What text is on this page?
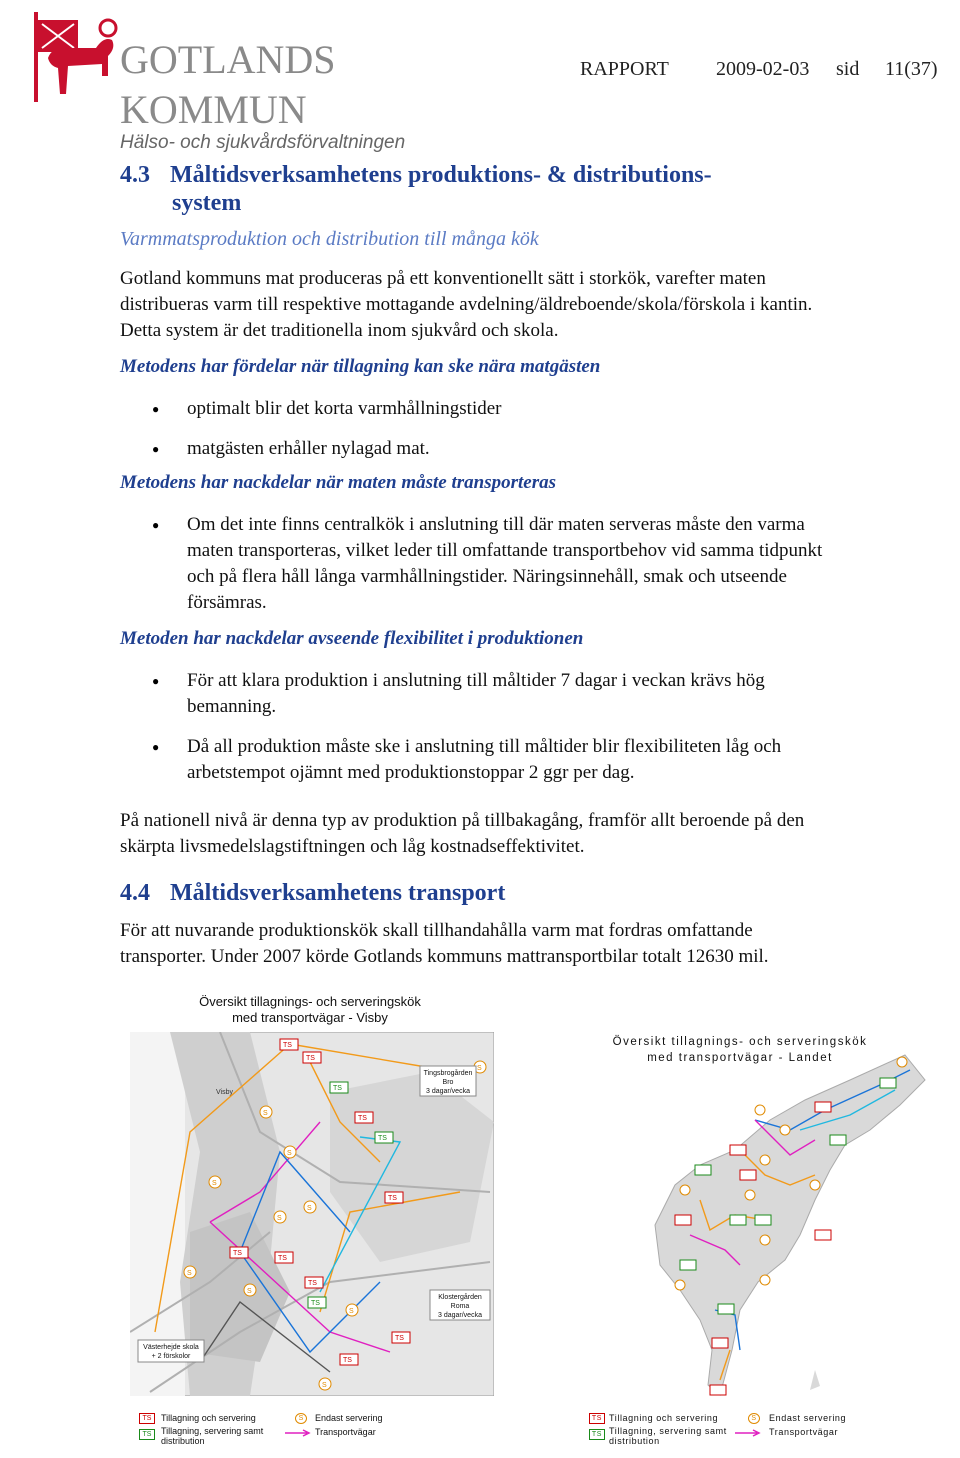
GOTLANDS
KOMMUN
Hälso- och sjukvårdsförvaltningen
RAPPORT 2009-02-03 sid 11(37)
4.3 Måltidsverksamhetens produktions- & distributions-
system
Varmmatsproduktion och distribution till många kök
Gotland kommuns mat produceras på ett konventionellt sätt i storkök, varefter maten
distribueras varm till respektive mottagande avdelning/äldreboende/skola/förskola i kantin.
Detta system är det traditionella inom sjukvård och skola.
Metodens har fördelar när tillagning kan ske nära matgästen
● optimalt blir det korta varmhållningstider
● matgästen erhåller nylagad mat.
Metodens har nackdelar när maten måste transporteras
● Om det inte finns centralkök i anslutning till där maten serveras måste den varma
maten transporteras, vilket leder till omfattande transportbehov vid samma tidpunkt
och på flera håll långa varmhållningstider. Näringsinnehåll, smak och utseende
försämras.
Metoden har nackdelar avseende flexibilitet i produktionen
● För att klara produktion i anslutning till måltider 7 dagar i veckan krävs hög
bemanning.
● Då all produktion måste ske i anslutning till måltider blir flexibiliteten låg och
arbetstempot ojämnt med produktionstoppar 2 ggr per dag.
På nationell nivå är denna typ av produktion på tillbakagång, framför allt beroende på den
skärpta livsmedelslagstiftningen och låg kostnadseffektivitet.
4.4 Måltidsverksamhetens transport
För att nuvarande produktionskök skall tillhandahålla varm mat fordras omfattande
transporter. Under 2007 körde Gotlands kommuns mattransportbilar totalt 12630 mil.
Översikt tillagnings- och serveringskök
med transportvägar - Visby
Visby
TS
TS
TS
TS
TS
TS
TS
TS
TS
TS
TS
TS
S
S
S
S
S
S
S
S
S
S
Tingsbrogården
Bro
3 dagar/vecka
Klostergården
Roma
3 dagar/vecka
Västerhejde skola
+ 2 förskolor
Översikt tillagnings- och serveringskök
med transportvägar - Landet
TS	Tillagning och servering
TS	Tillagning, servering samt
distribution
S	Endast servering
Transportvägar
TS Tillagning och servering
TS Tillagning, servering samt
distribution
S	Endast servering
Transportvägar
